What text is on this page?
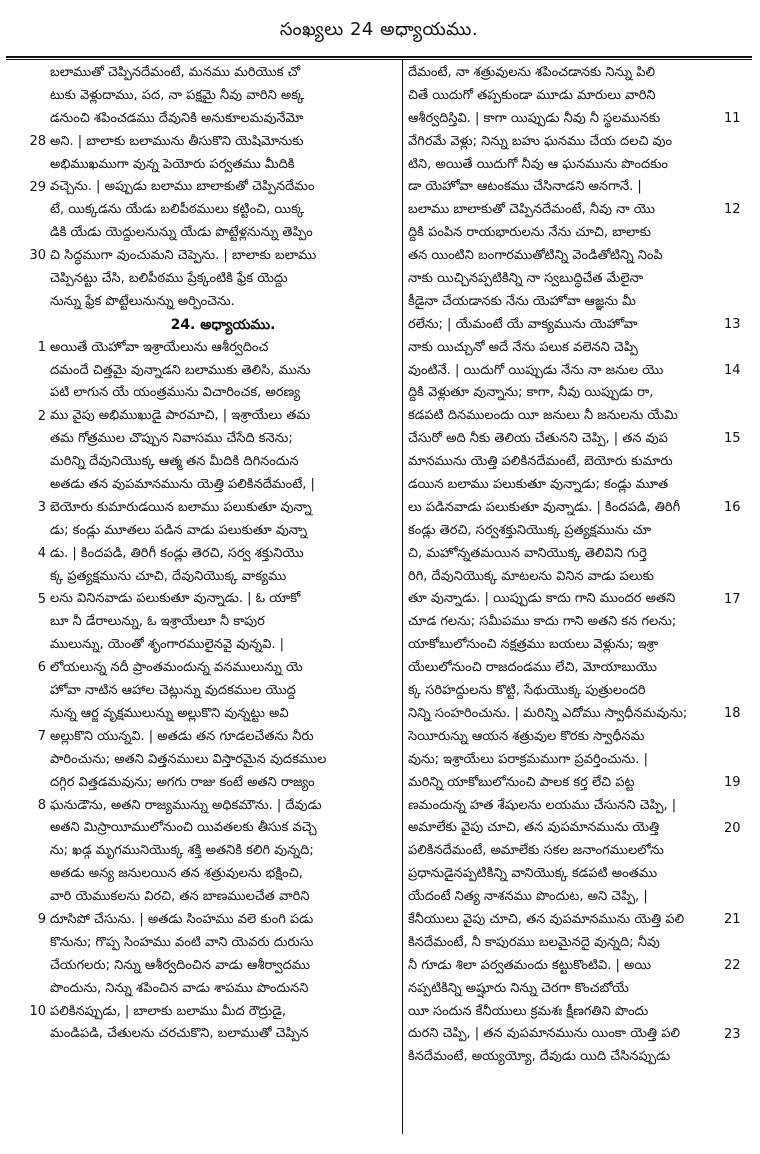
సంఖ్యలు 24 అధ్యాయము.
28
29
30
1
2
3
4
5
6
7
8
9
10
బలాముతో చెప్పినదేమంటే, మనము మరియొక చో
టుకు వెళ్లుదాము, పద, నా పక్షమై నీవు వారిని అక్క
డనుంచి శపించడము దేవునికి అనుకూలమవునేమో
అని. | బాలాకు బలామును తీసుకొని యెషిమోనుకు
అభిముఖముగా వున్న పెయోరు పర్వతము మీదికి
వచ్చెను. | అప్పుడు బలాము బాలాకుతో చెప్పినదేమం
టే, యిక్కడను యేడు బలిపీఠములు కట్టించి, యిక్క
డికి యేడు యెద్దులనున్ను యేడు పొట్టేళ్లనున్ను తెప్పిం
చి సిద్ధముగా వుంచుమని చెప్పెను. | బాలాకు బలాము
చెప్పినట్టు చేసి, బలిపీఠము ప్రేక్కంటికి ఫ్రేక యెద్దు
నున్ను ఫ్రేక పొట్టేలునున్ను అర్పించెను.
24. అధ్యాయము.
అయితే యెహోవా ఇశ్రాయేలును ఆశీర్వదించ
దమందే చిత్తమై వున్నాడని బలాముకు తెలిసి, మును
పటి లాగున యే యంత్రమును విచారించక, అరణ్య
ము వైపు అభిముఖుడై పారమాచి, | ఇశ్రాయేలు తమ
తమ గోత్రముల చొప్పున నివాసము చేసేది కనెను;
మరిన్ని దేవునియొక్క ఆత్మ తన మీదికి దిగినందున
అతడు తన వుపమానమును యెత్తి పలికినదేమంటే, |
బెయోరు కుమారుడయిన బలాము పలుకుతూ వున్నా
డు; కండ్లు మూతలు పడిన వాడు పలుకుతూ వున్నా
డు. | కిందపడి, తిరిగీ కండ్లు తెరచి, సర్వ శక్తునియొ
క్క ప్రత్యక్షమును చూచి, దేవునియొక్క వాక్యము
లను వినినవాడు పలుకుతూ వున్నాడు. | ఓ యాకో
బూ నీ డేరాలున్ను, ఓ ఇశ్రాయేలూ నీ కాపుర
ములున్ను, యెంతో శృంగారములైనవై వున్నవి. |
లోయలున్న నదీ ప్రాంతమందున్న వనములున్ను యె
హోవా నాటిన ఆహాల చెట్లున్ను వుదకముల యొద్ద
నున్న ఆర్జ వృక్షములున్ను అల్లుకొని వున్నట్టు అవి
అల్లుకొని యున్నవి. | అతడు తన గూడలచేతను నీరు
పారించును; అతని విత్తనములు విస్తారమైన వుదకముల
దగ్గిర విత్తడమవును; అగగు రాజు కంటే అతని రాజ్యం
ఘనుడౌను, అతని రాజ్యమున్ను అధికమౌను. | దేవుడు
అతని మిస్రాయీములోనుంచి యివతలకు తీసుక వచ్చె
ను; ఖడ్గ మృగమునియొక్క శక్తి అతనికి కలిగి వున్నది;
అతడు అన్య జనులయిన తన శత్రువులను భక్షించి,
వారి యెముకలను విరచి, తన బాణములచేత వారిని
దూసిపో చేసును. | అతడు సింహము వలె కుంగి పడు
కొనును; గొప్ప సింహము వంటి వాని యెవరు దురుసు
చేయగలరు; నిన్ను ఆశీర్వదించిన వాడు ఆశీర్వాదము
పొందును, నిన్ను శపించిన వాడు శాపము పొందునని
పలికినప్పుడు, | బాలాకు బలాము మీద రౌద్రుడై,
మండిపడి, చేతులను చరచుకొని, బలాముతో చెప్పిన
దేమంటే, నా శత్రువులను శపించడానకు నిన్ను పిలి
చితే యిదుగో తప్పకుండా మూడు మారులు వారిని
ఆశీర్వదిస్తివి. | కాగా యిప్పుడు నీవు నీ స్థలమునకు
వేగిరమే వెళ్లు; నిన్ను బహు ఘనము చేయ దలచి వుం
టిని, అయితే యిదుగో నీవు ఆ ఘనమును పొందకుం
డా యెహోవా ఆటంకము చేసినాడని అనగానే. |
బలాము బాలాకుతో చెప్పినదేమంటే, నీవు నా యొ
ద్దికి పంపిన రాయభారులను నేను చూచి, బాలాకు
తన యింటిని బంగారముతోటిన్ని వెండితోటిన్ని నింపి
నాకు యిచ్చినప్పటికిన్ని నా స్వబుద్ధిచేత మేలైనా
కీడైనా చేయడానకు నేను యెహోవా ఆజ్ఞను మీ
రలేను; | యేమంటే యే వాక్యమును యెహోవా
నాకు యిచ్చునో అదే నేను పలుక వలెనని చెప్పి
వుంటినే. | యిదుగో యిప్పుడు నేను నా జనుల యొ
ద్దికి వెళ్లుతూ వున్నాను; కాగా, నీవు యిప్పుడు రా,
కడపటి దినములందు యీ జనులు నీ జనులను యేమి
చేసురో అది నీకు తెలియ చేతునని చెప్పి, | తన వుప
మానమును యెత్తి పలికినదేమంటే, బెయోరు కుమారు
డయిన బలాము పలుకుతూ వున్నాడు; కండ్లు మూత
లు పడినవాడు పలుకుతూ వున్నాడు. | కిందపడి, తిరిగీ
కండ్లు తెరచి, సర్వశక్తునియొక్క ప్రత్యక్షమును చూ
చి, మహోన్నతమయిన వానియొక్క తెలివిని గుర్తె
రిగి, దేవునియొక్క మాటలను వినిన వాడు పలుకు
తూ వున్నాడు. | యిప్పుడు కాదు గాని ముందర అతని
చూడ గలను; సమీపము కాదు గాని అతని కన గలను;
యాకోబులోనుంచి నక్షత్రము బయలు వెళ్లును; ఇశ్రా
యేలులోనుంచి రాజదండము లేచి, మోయాబుయొ
క్క సరిహద్దులను కొట్టి, సేథుయొక్క పుత్రులందరి
నిన్ని సంహరించును. | మరిన్ని ఎదోము స్వాధీనమవును;
సెయీరున్ను ఆయన శత్రువుల కొరకు స్వాధీనమ
వును; ఇశ్రాయేలు పరాక్రమముగా ప్రవర్తించును. |
మరిన్ని యాకోబులోనుంచి పాలక కర్త లేచి పట్ట
ణమందున్న హత శేషులను లయము చేసునని చెప్పి, |
అమాలేకు వైపు చూచి, తన వుపమానమును యెత్తి
పలికినదేమంటే, అమాలేకు సకల జనాంగములలోను
ప్రధానుడైనప్పటికిన్ని వానియొక్క కడపటి అంతము
యేదంటే నిత్య నాశనము పొందుట, అని చెప్పి, |
కేనీయులు వైపు చూచి, తన వుపమానమును యెత్తి పలి
కినదేమంటే, నీ కాపురము బలమైనదై వున్నది; నీవు
నీ గూడు శిలా పర్వతమందు కట్టుకొంటివి. | అయి
నప్పటికిన్ని అష్షూరు నిన్ను చెరగా కొంచబోయే
యీ సందున కేనీయులు క్రమశః క్షీణగతిని పొందు
దురని చెప్పి, | తన వుపమానమును యింకా యెత్తి పలి
కినదేమంటే, అయ్యయ్యో, దేవుడు యిది చేసినప్పుడు
11
12
13
14
15
16
17
18
19
20
21
22
23
